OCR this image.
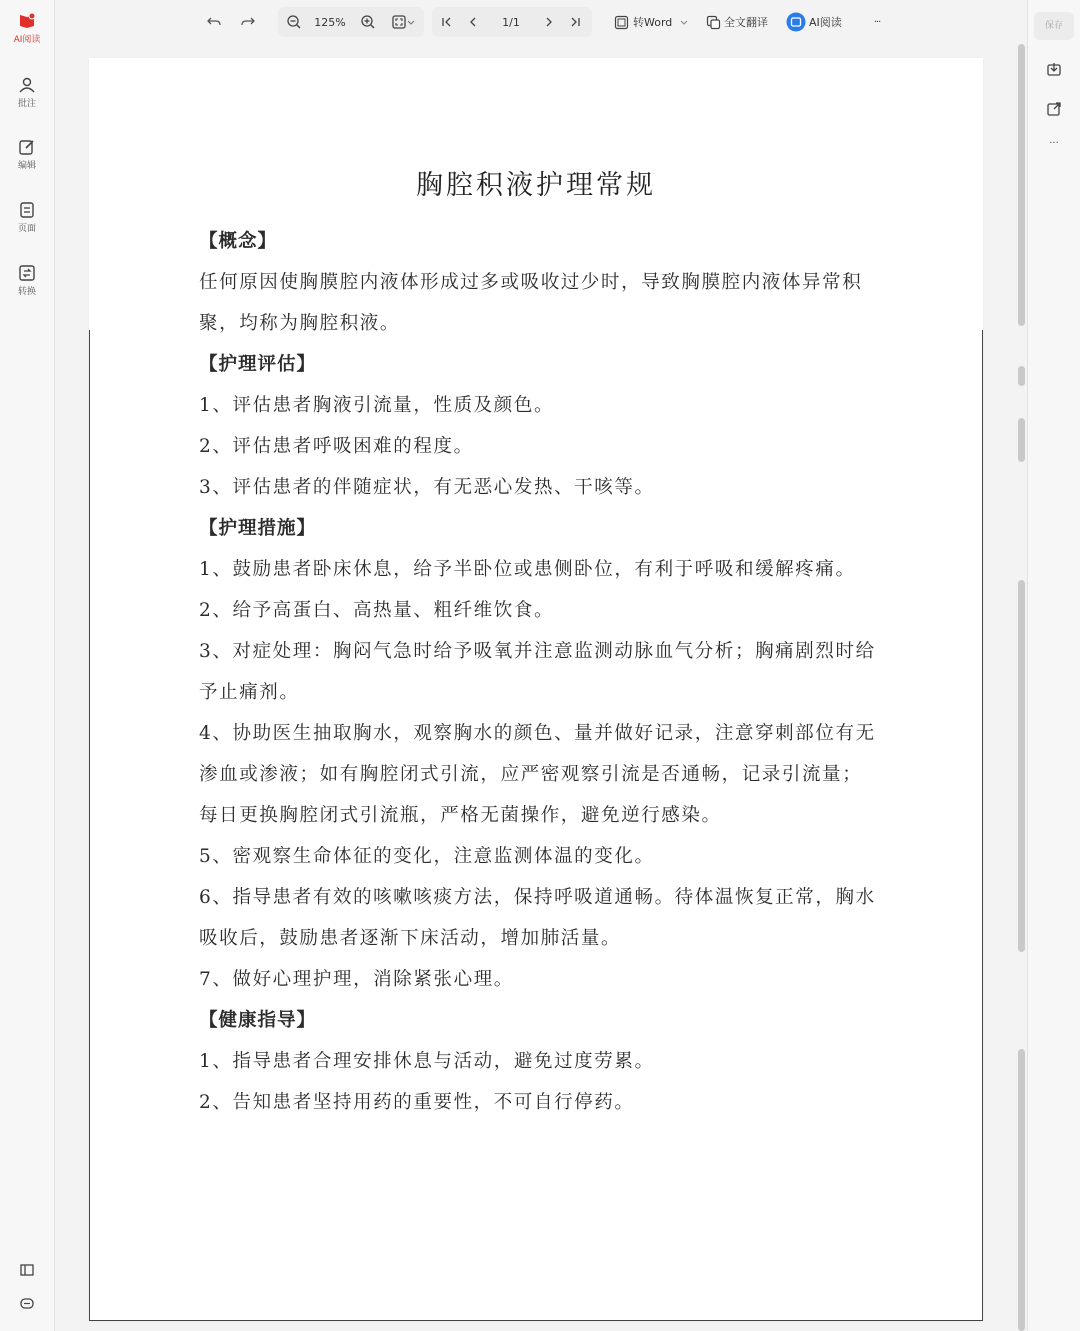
AI阅读
批注
编辑
页面
转换
125%	1/1	转Word	全文翻译	AI阅读	···	保存
···
胸腔积液护理常规

【概念】

任何原因使胸膜腔内液体形成过多或吸收过少时，导致胸膜腔内液体异常积聚，均称为胸腔积液。

【护理评估】

1、评估患者胸液引流量，性质及颜色。

2、评估患者呼吸困难的程度。

3、评估患者的伴随症状，有无恶心发热、干咳等。

【护理措施】

1、鼓励患者卧床休息，给予半卧位或患侧卧位，有利于呼吸和缓解疼痛。

2、给予高蛋白、高热量、粗纤维饮食。

3、对症处理：胸闷气急时给予吸氧并注意监测动脉血气分析；胸痛剧烈时给予止痛剂。

4、协助医生抽取胸水，观察胸水的颜色、量并做好记录，注意穿刺部位有无渗血或渗液；如有胸腔闭式引流，应严密观察引流是否通畅，记录引流量；每日更换胸腔闭式引流瓶，严格无菌操作，避免逆行感染。

5、密观察生命体征的变化，注意监测体温的变化。

6、指导患者有效的咳嗽咳痰方法，保持呼吸道通畅。待体温恢复正常，胸水吸收后，鼓励患者逐渐下床活动，增加肺活量。

7、做好心理护理，消除紧张心理。

【健康指导】

1、指导患者合理安排休息与活动，避免过度劳累。

2、告知患者坚持用药的重要性，不可自行停药。
